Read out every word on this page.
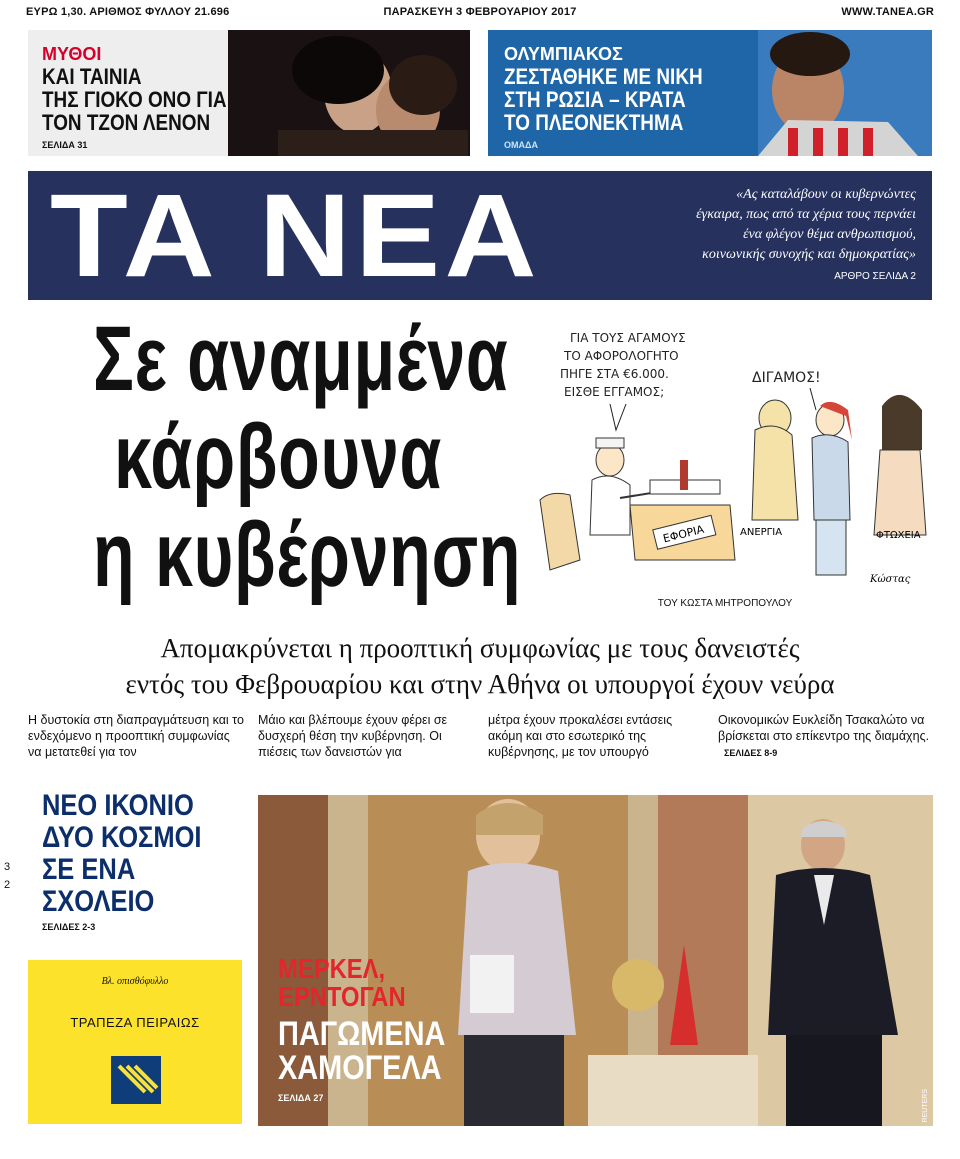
ΕΥΡΩ 1,30. ΑΡΙΘΜΟΣ ΦΥΛΛΟΥ 21.696	ΠΑΡΑΣΚΕΥΗ 3 ΦΕΒΡΟΥΑΡΙΟΥ 2017	WWW.TANEA.GR
ΜΥΘΟΙ
ΚΑΙ ΤΑΙΝΙΑ
ΤΗΣ ΓΙΟΚΟ ΟΝΟ ΓΙΑ
ΤΟΝ ΤΖΟΝ ΛΕΝΟΝ
ΣΕΛΙΔΑ 31
ΟΛΥΜΠΙΑΚΟΣ
ΖΕΣΤΑΘΗΚΕ ΜΕ ΝΙΚΗ
ΣΤΗ ΡΩΣΙΑ – ΚΡΑΤΑ
ΤΟ ΠΛΕΟΝΕΚΤΗΜΑ
ΟΜΑΔΑ
ΤΑ ΝΕΑ	«Ας καταλάβουν οι κυβερνώντες
έγκαιρα, πως από τα χέρια τους περνάει
ένα φλέγον θέμα ανθρωπισμού,
κοινωνικής συνοχής και δημοκρατίας»
ΑΡΘΡΟ ΣΕΛΙΔΑ 2
Σε αναμμένα
κάρβουνα
η κυβέρνηση
ΓΙΑ ΤΟΥΣ ΑΓΑΜΟΥΣ
ΤΟ ΑΦΟΡΟΛΟΓΗΤΟ
ΠΗΓΕ ΣΤΑ €6.000.
ΕΙΣΘΕ ΕΓΓΑΜΟΣ;
ΔΙΓΑΜΟΣ!
ΕΦΟΡΙΑ	ΑΝΕΡΓΙΑ	ΦΤΩΧΕΙΑ
Κώστας
ΤΟΥ ΚΩΣΤΑ ΜΗΤΡΟΠΟΥΛΟΥ
Απομακρύνεται η προοπτική συμφωνίας με τους δανειστές
εντός του Φεβρουαρίου και στην Αθήνα οι υπουργοί έχουν νεύρα
Η δυστοκία στη διαπραγμάτευση και το ενδεχόμενο η προοπτική συμφωνίας να μετατεθεί για τον
Μάιο και βλέπουμε έχουν φέρει σε δυσχερή θέση την κυβέρνηση. Οι πιέσεις των δανειστών για
μέτρα έχουν προκαλέσει εντάσεις ακόμη και στο εσωτερικό της κυβέρνησης, με τον υπουργό
Οικονομικών Ευκλείδη Τσακαλώτο να βρίσκεται στο επίκεντρο της διαμάχης. ΣΕΛΙΔΕΣ 8-9
ΝΕΟ ΙΚΟΝΙΟ
ΔΥΟ ΚΟΣΜΟΙ
ΣΕ ΕΝΑ
ΣΧΟΛΕΙΟ
ΣΕΛΙΔΕΣ 2-3
3
2
Βλ. οπισθόφυλλο
ΤΡΑΠΕΖΑ ΠΕΙΡΑΙΩΣ
ΜΕΡΚΕΛ,
ΕΡΝΤΟΓΑΝ
ΠΑΓΩΜΕΝΑ
ΧΑΜΟΓΕΛΑ
ΣΕΛΙΔΑ 27	REUTERS
